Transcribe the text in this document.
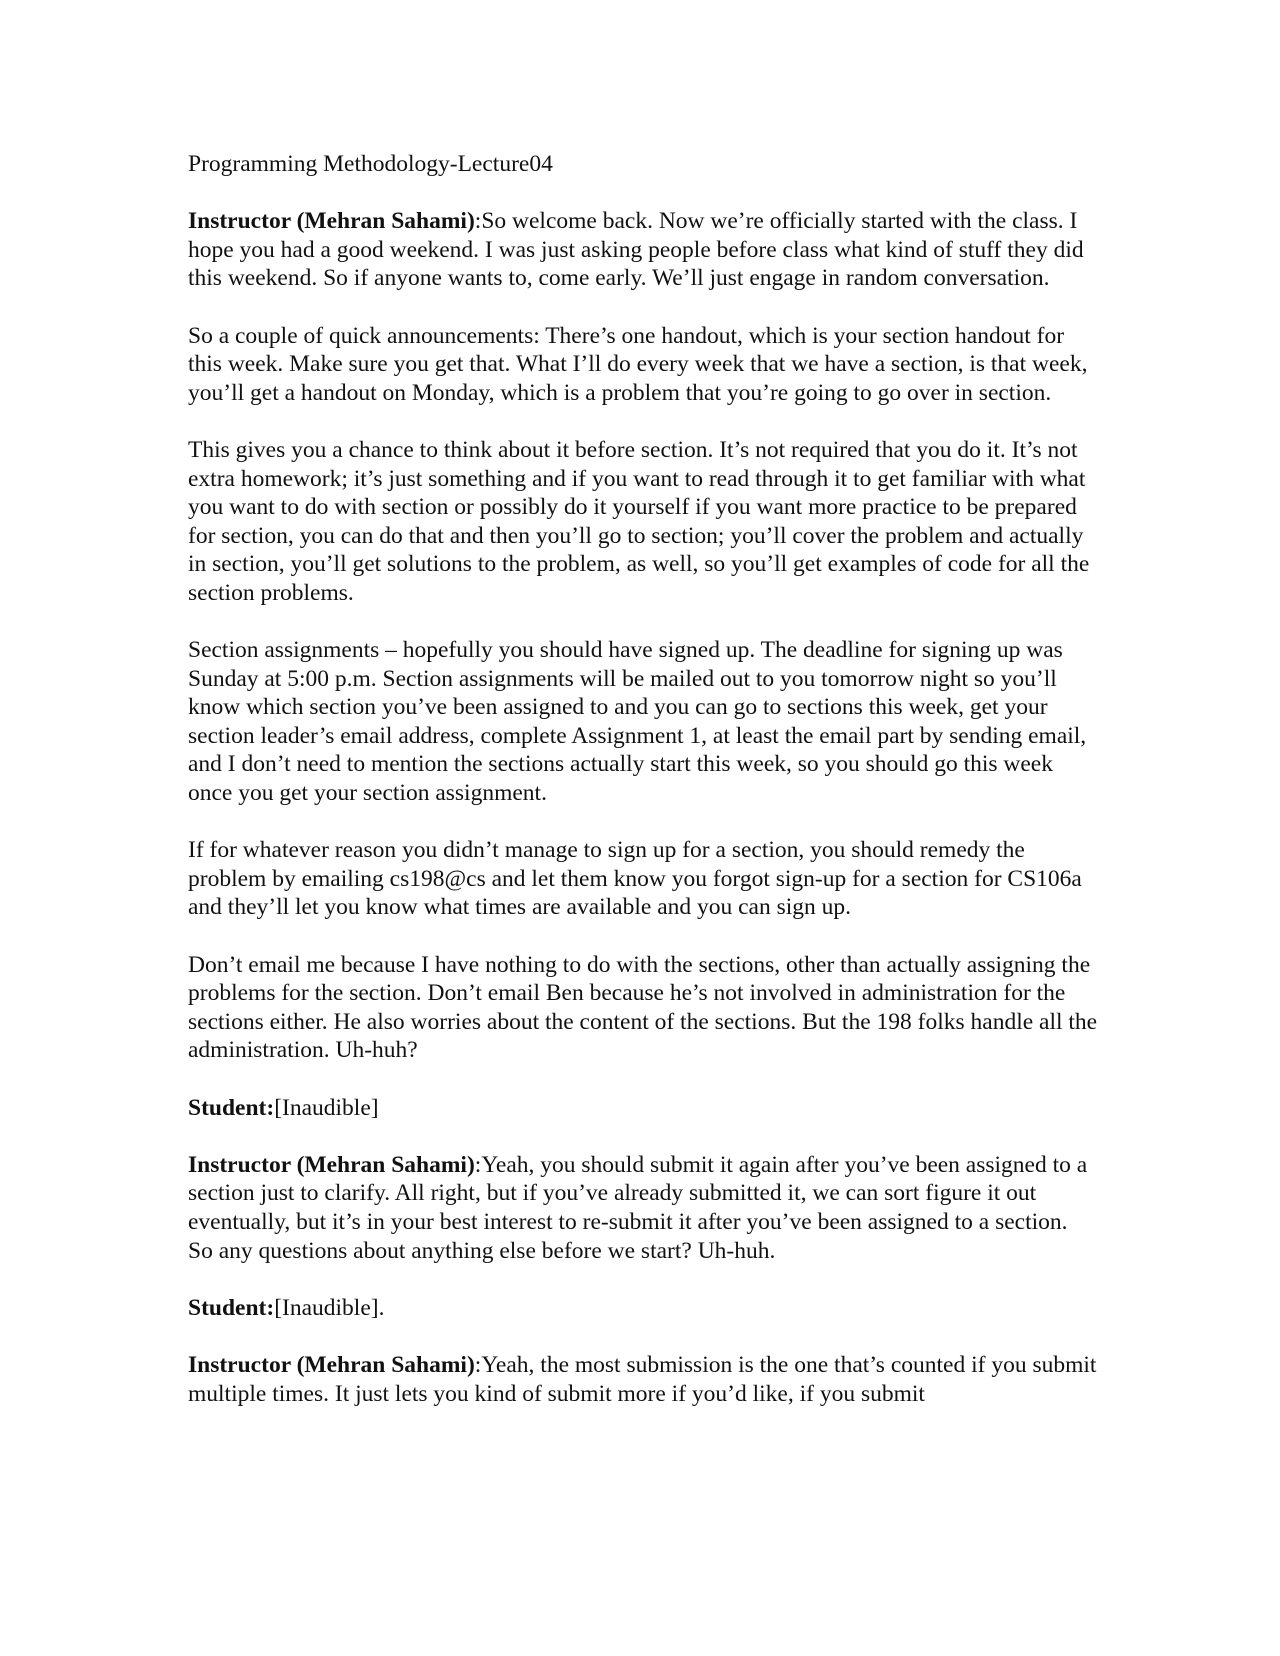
Programming Methodology-Lecture04

Instructor (Mehran Sahami):So welcome back. Now we’re officially started with the class. I hope you had a good weekend. I was just asking people before class what kind of stuff they did this weekend. So if anyone wants to, come early. We’ll just engage in random conversation.

So a couple of quick announcements: There’s one handout, which is your section handout for this week. Make sure you get that. What I’ll do every week that we have a section, is that week, you’ll get a handout on Monday, which is a problem that you’re going to go over in section.

This gives you a chance to think about it before section. It’s not required that you do it. It’s not extra homework; it’s just something and if you want to read through it to get familiar with what you want to do with section or possibly do it yourself if you want more practice to be prepared for section, you can do that and then you’ll go to section; you’ll cover the problem and actually in section, you’ll get solutions to the problem, as well, so you’ll get examples of code for all the section problems.

Section assignments – hopefully you should have signed up. The deadline for signing up was Sunday at 5:00 p.m. Section assignments will be mailed out to you tomorrow night so you’ll know which section you’ve been assigned to and you can go to sections this week, get your section leader’s email address, complete Assignment 1, at least the email part by sending email, and I don’t need to mention the sections actually start this week, so you should go this week once you get your section assignment.

If for whatever reason you didn’t manage to sign up for a section, you should remedy the problem by emailing cs198@cs and let them know you forgot sign-up for a section for CS106a and they’ll let you know what times are available and you can sign up.

Don’t email me because I have nothing to do with the sections, other than actually assigning the problems for the section. Don’t email Ben because he’s not involved in administration for the sections either. He also worries about the content of the sections. But the 198 folks handle all the administration. Uh-huh?

Student:[Inaudible]

Instructor (Mehran Sahami):Yeah, you should submit it again after you’ve been assigned to a section just to clarify. All right, but if you’ve already submitted it, we can sort figure it out eventually, but it’s in your best interest to re-submit it after you’ve been assigned to a section. So any questions about anything else before we start? Uh-huh.

Student:[Inaudible].

Instructor (Mehran Sahami):Yeah, the most submission is the one that’s counted if you submit multiple times. It just lets you kind of submit more if you’d like, if you submit
